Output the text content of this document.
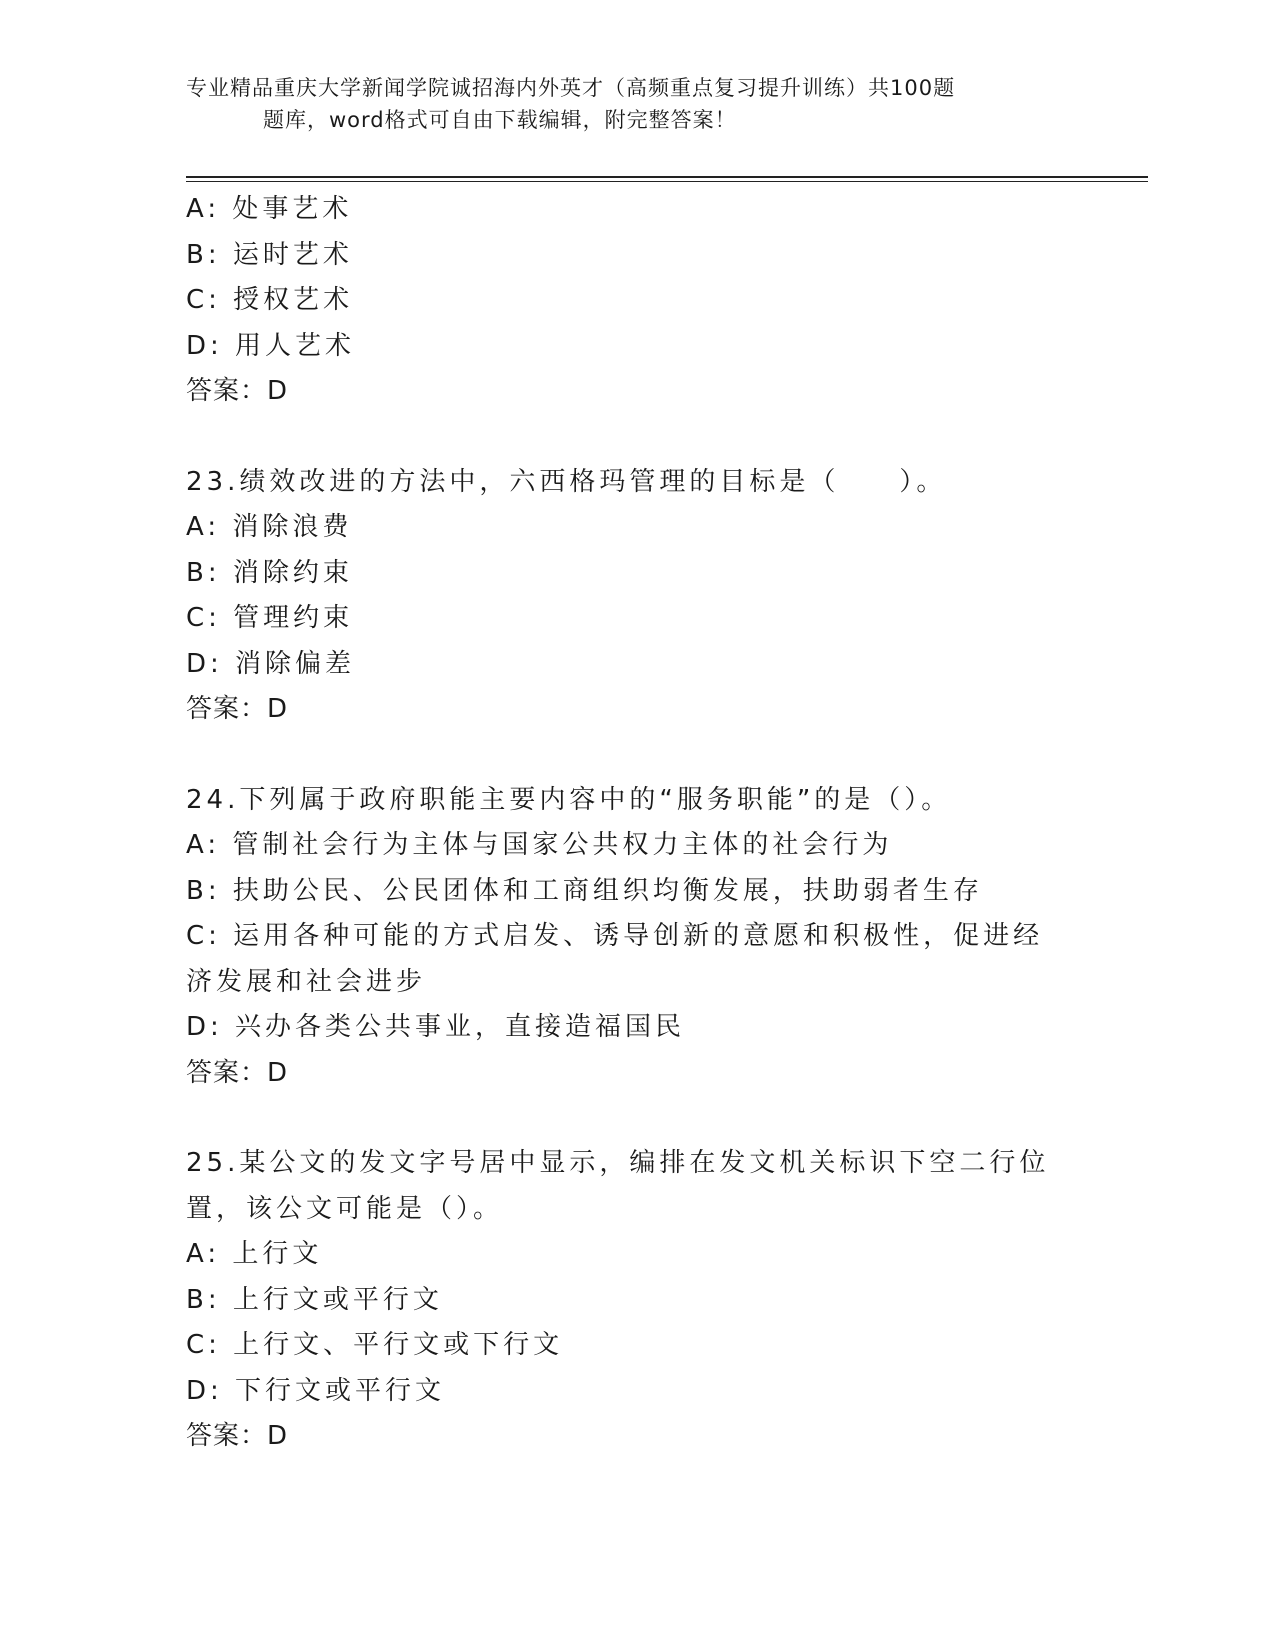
专业精品重庆大学新闻学院诚招海内外英才（高频重点复习提升训练）共100题
题库，word格式可自由下载编辑，附完整答案！
A: 处事艺术
B: 运时艺术
C: 授权艺术
D: 用人艺术
答案：D
23.绩效改进的方法中，六西格玛管理的目标是（　　）。
A: 消除浪费
B: 消除约束
C: 管理约束
D: 消除偏差
答案：D
24.下列属于政府职能主要内容中的“服务职能”的是（）。
A: 管制社会行为主体与国家公共权力主体的社会行为
B: 扶助公民、公民团体和工商组织均衡发展，扶助弱者生存
C: 运用各种可能的方式启发、诱导创新的意愿和积极性，促进经济发展和社会进步
D: 兴办各类公共事业，直接造福国民
答案：D
25.某公文的发文字号居中显示，编排在发文机关标识下空二行位置，该公文可能是（）。
A: 上行文
B: 上行文或平行文
C: 上行文、平行文或下行文
D: 下行文或平行文
答案：D
